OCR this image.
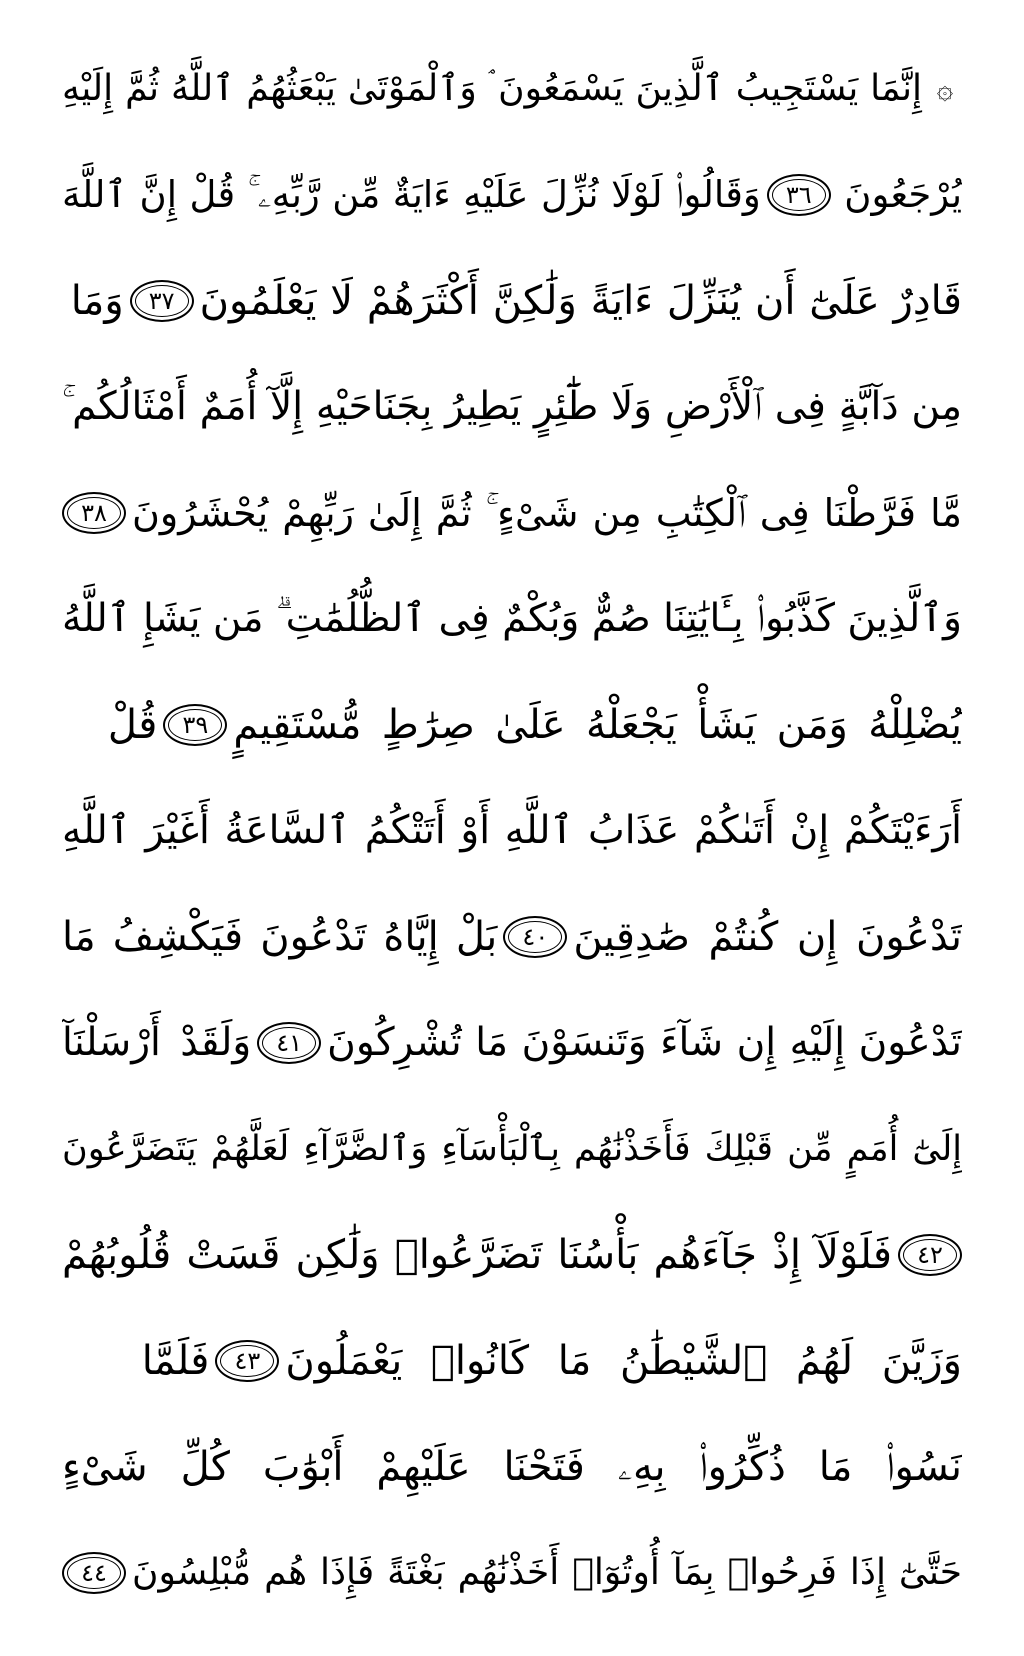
۞
إِنَّمَا يَسْتَجِيبُ ٱلَّذِينَ يَسْمَعُونَ ۘ وَٱلْمَوْتَىٰ يَبْعَثُهُمُ ٱللَّهُ ثُمَّ إِلَيْهِ
يُرْجَعُونَ
٣٦
وَقَالُوا۟ لَوْلَا نُزِّلَ عَلَيْهِ ءَايَةٌ مِّن رَّبِّهِۦ ۚ قُلْ إِنَّ ٱللَّهَ
قَادِرٌ عَلَىٰٓ أَن يُنَزِّلَ ءَايَةً وَلَٰكِنَّ أَكْثَرَهُمْ لَا يَعْلَمُونَ
٣٧
وَمَا
مِن دَآبَّةٍ فِى ٱلْأَرْضِ وَلَا طَٰٓئِرٍ يَطِيرُ بِجَنَاحَيْهِ إِلَّآ أُمَمٌ أَمْثَالُكُم ۚ
مَّا فَرَّطْنَا فِى ٱلْكِتَٰبِ مِن شَىْءٍ ۚ ثُمَّ إِلَىٰ رَبِّهِمْ يُحْشَرُونَ
٣٨
وَٱلَّذِينَ كَذَّبُوا۟ بِـَٔايَٰتِنَا صُمٌّ وَبُكْمٌ فِى ٱلظُّلُمَٰتِ ۗ مَن يَشَإِ ٱللَّهُ
يُضْلِلْهُ وَمَن يَشَأْ يَجْعَلْهُ عَلَىٰ صِرَٰطٍ مُّسْتَقِيمٍ
٣٩
قُلْ
أَرَءَيْتَكُمْ إِنْ أَتَىٰكُمْ عَذَابُ ٱللَّهِ أَوْ أَتَتْكُمُ ٱلسَّاعَةُ أَغَيْرَ ٱللَّهِ
تَدْعُونَ إِن كُنتُمْ صَٰدِقِينَ
٤٠
بَلْ إِيَّاهُ تَدْعُونَ فَيَكْشِفُ مَا
تَدْعُونَ إِلَيْهِ إِن شَآءَ وَتَنسَوْنَ مَا تُشْرِكُونَ
٤١
وَلَقَدْ أَرْسَلْنَآ
إِلَىٰٓ أُمَمٍ مِّن قَبْلِكَ فَأَخَذْنَٰهُم بِٱلْبَأْسَآءِ وَٱلضَّرَّآءِ لَعَلَّهُمْ يَتَضَرَّعُونَ
٤٢
فَلَوْلَآ إِذْ جَآءَهُم بَأْسُنَا تَضَرَّعُوا۟ وَلَٰكِن قَسَتْ قُلُوبُهُمْ
وَزَيَّنَ لَهُمُ ٱلشَّيْطَٰنُ مَا كَانُوا۟ يَعْمَلُونَ
٤٣
فَلَمَّا
نَسُوا۟ مَا ذُكِّرُوا۟ بِهِۦ فَتَحْنَا عَلَيْهِمْ أَبْوَٰبَ كُلِّ شَىْءٍ
حَتَّىٰٓ إِذَا فَرِحُوا۟ بِمَآ أُوتُوٓا۟ أَخَذْنَٰهُم بَغْتَةً فَإِذَا هُم مُّبْلِسُونَ
٤٤
